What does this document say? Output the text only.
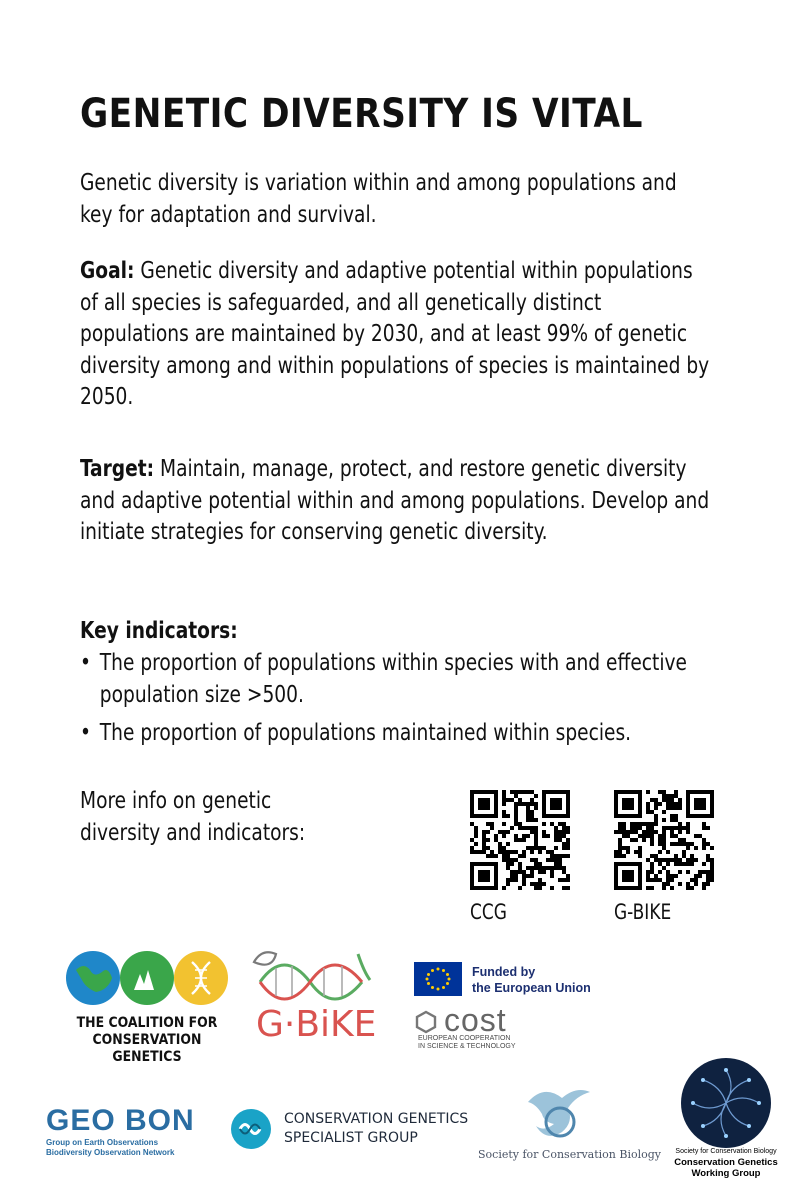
GENETIC DIVERSITY IS VITAL

Genetic diversity is variation within and among populations and key for adaptation and survival.

Goal: Genetic diversity and adaptive potential within populations of all species is safeguarded, and all genetically distinct populations are maintained by 2030, and at least 99% of genetic diversity among and within populations of species is maintained by 2050.

Target: Maintain, manage, protect, and restore genetic diversity and adaptive potential within and among populations. Develop and initiate strategies for conserving genetic diversity.

Key indicators:
• The proportion of populations within species with and effective population size >500.
• The proportion of populations maintained within species.

More info on genetic diversity and indicators:

CCG	G-BIKE
THE COALITION FOR
CONSERVATION GENETICS
G·BiKE
Funded by
the European Union
cost
EUROPEAN COOPERATION
IN SCIENCE & TECHNOLOGY
GEO BON
Group on Earth Observations
Biodiversity Observation Network
CONSERVATION GENETICS
SPECIALIST GROUP
Society for Conservation Biology	Society for Conservation Biology
Conservation Genetics
Working Group
